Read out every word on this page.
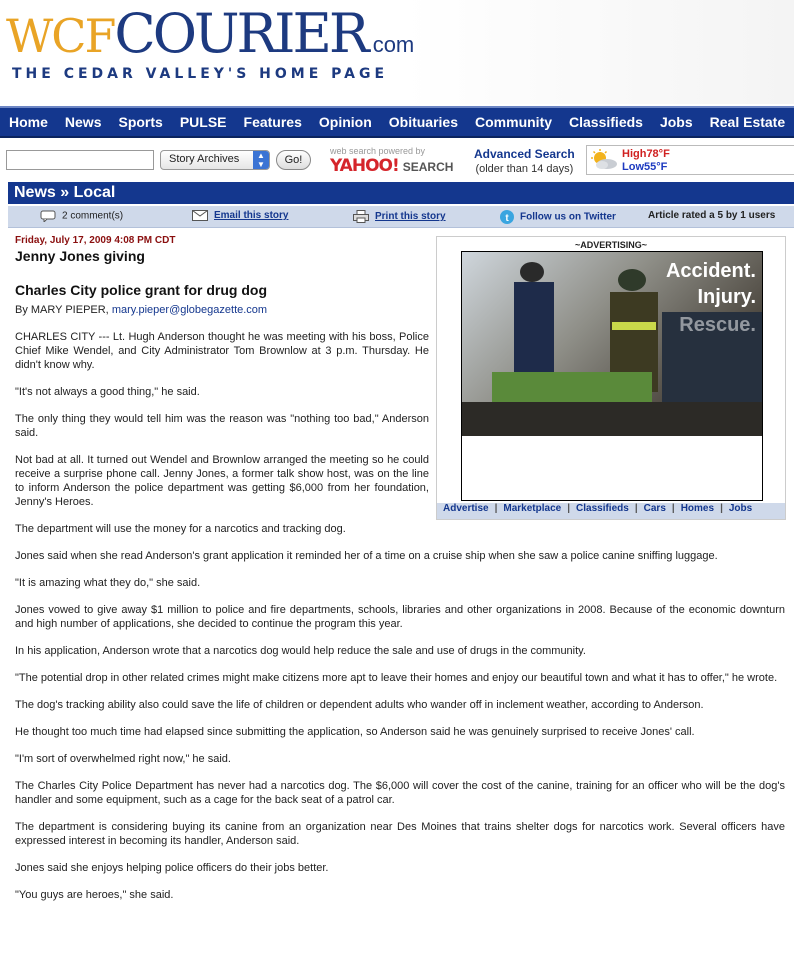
WCFCOURIER.com
THE CEDAR VALLEY'S HOME PAGE
Home	News	Sports	PULSE	Features	Opinion	Obituaries	Community	Classifieds	Jobs	Real Estate
Story Archives	▲
▼	Go!
web search powered by
YAHOO! SEARCH
Advanced Search
(older than 14 days)
High78°F
Low55°F
News » Local
2 comment(s)	Email this story	Print this story	t Follow us on Twitter	Article rated a 5 by 1 users
Friday, July 17, 2009 4:08 PM CDT
Jenny Jones giving
Charles City police grant for drug dog
By MARY PIEPER, mary.pieper@globegazette.com
CHARLES CITY --- Lt. Hugh Anderson thought he was meeting with his boss, Police Chief Mike Wendel, and City Administrator Tom Brownlow at 3 p.m. Thursday. He didn't know why.
"It's not always a good thing," he said.
The only thing they would tell him was the reason was "nothing too bad," Anderson said.
Not bad at all. It turned out Wendel and Brownlow arranged the meeting so he could receive a surprise phone call. Jenny Jones, a former talk show host, was on the line to inform Anderson the police department was getting $6,000 from her foundation, Jenny's Heroes.
The department will use the money for a narcotics and tracking dog.
Jones said when she read Anderson's grant application it reminded her of a time on a cruise ship when she saw a police canine sniffing luggage.
"It is amazing what they do," she said.
Jones vowed to give away $1 million to police and fire departments, schools, libraries and other organizations in 2008. Because of the economic downturn and high number of applications, she decided to continue the program this year.
In his application, Anderson wrote that a narcotics dog would help reduce the sale and use of drugs in the community.
"The potential drop in other related crimes might make citizens more apt to leave their homes and enjoy our beautiful town and what it has to offer," he wrote.
The dog's tracking ability also could save the life of children or dependent adults who wander off in inclement weather, according to Anderson.
He thought too much time had elapsed since submitting the application, so Anderson said he was genuinely surprised to receive Jones' call.
"I'm sort of overwhelmed right now," he said.
The Charles City Police Department has never had a narcotics dog. The $6,000 will cover the cost of the canine, training for an officer who will be the dog's handler and some equipment, such as a cage for the back seat of a patrol car.
The department is considering buying its canine from an organization near Des Moines that trains shelter dogs for narcotics work. Several officers have expressed interest in becoming its handler, Anderson said.
Jones said she enjoys helping police officers do their jobs better.
"You guys are heroes," she said.
~ADVERTISING~
Accident.
Injury.
Rescue.
Advertise | Marketplace | Classifieds | Cars | Homes | Jobs
